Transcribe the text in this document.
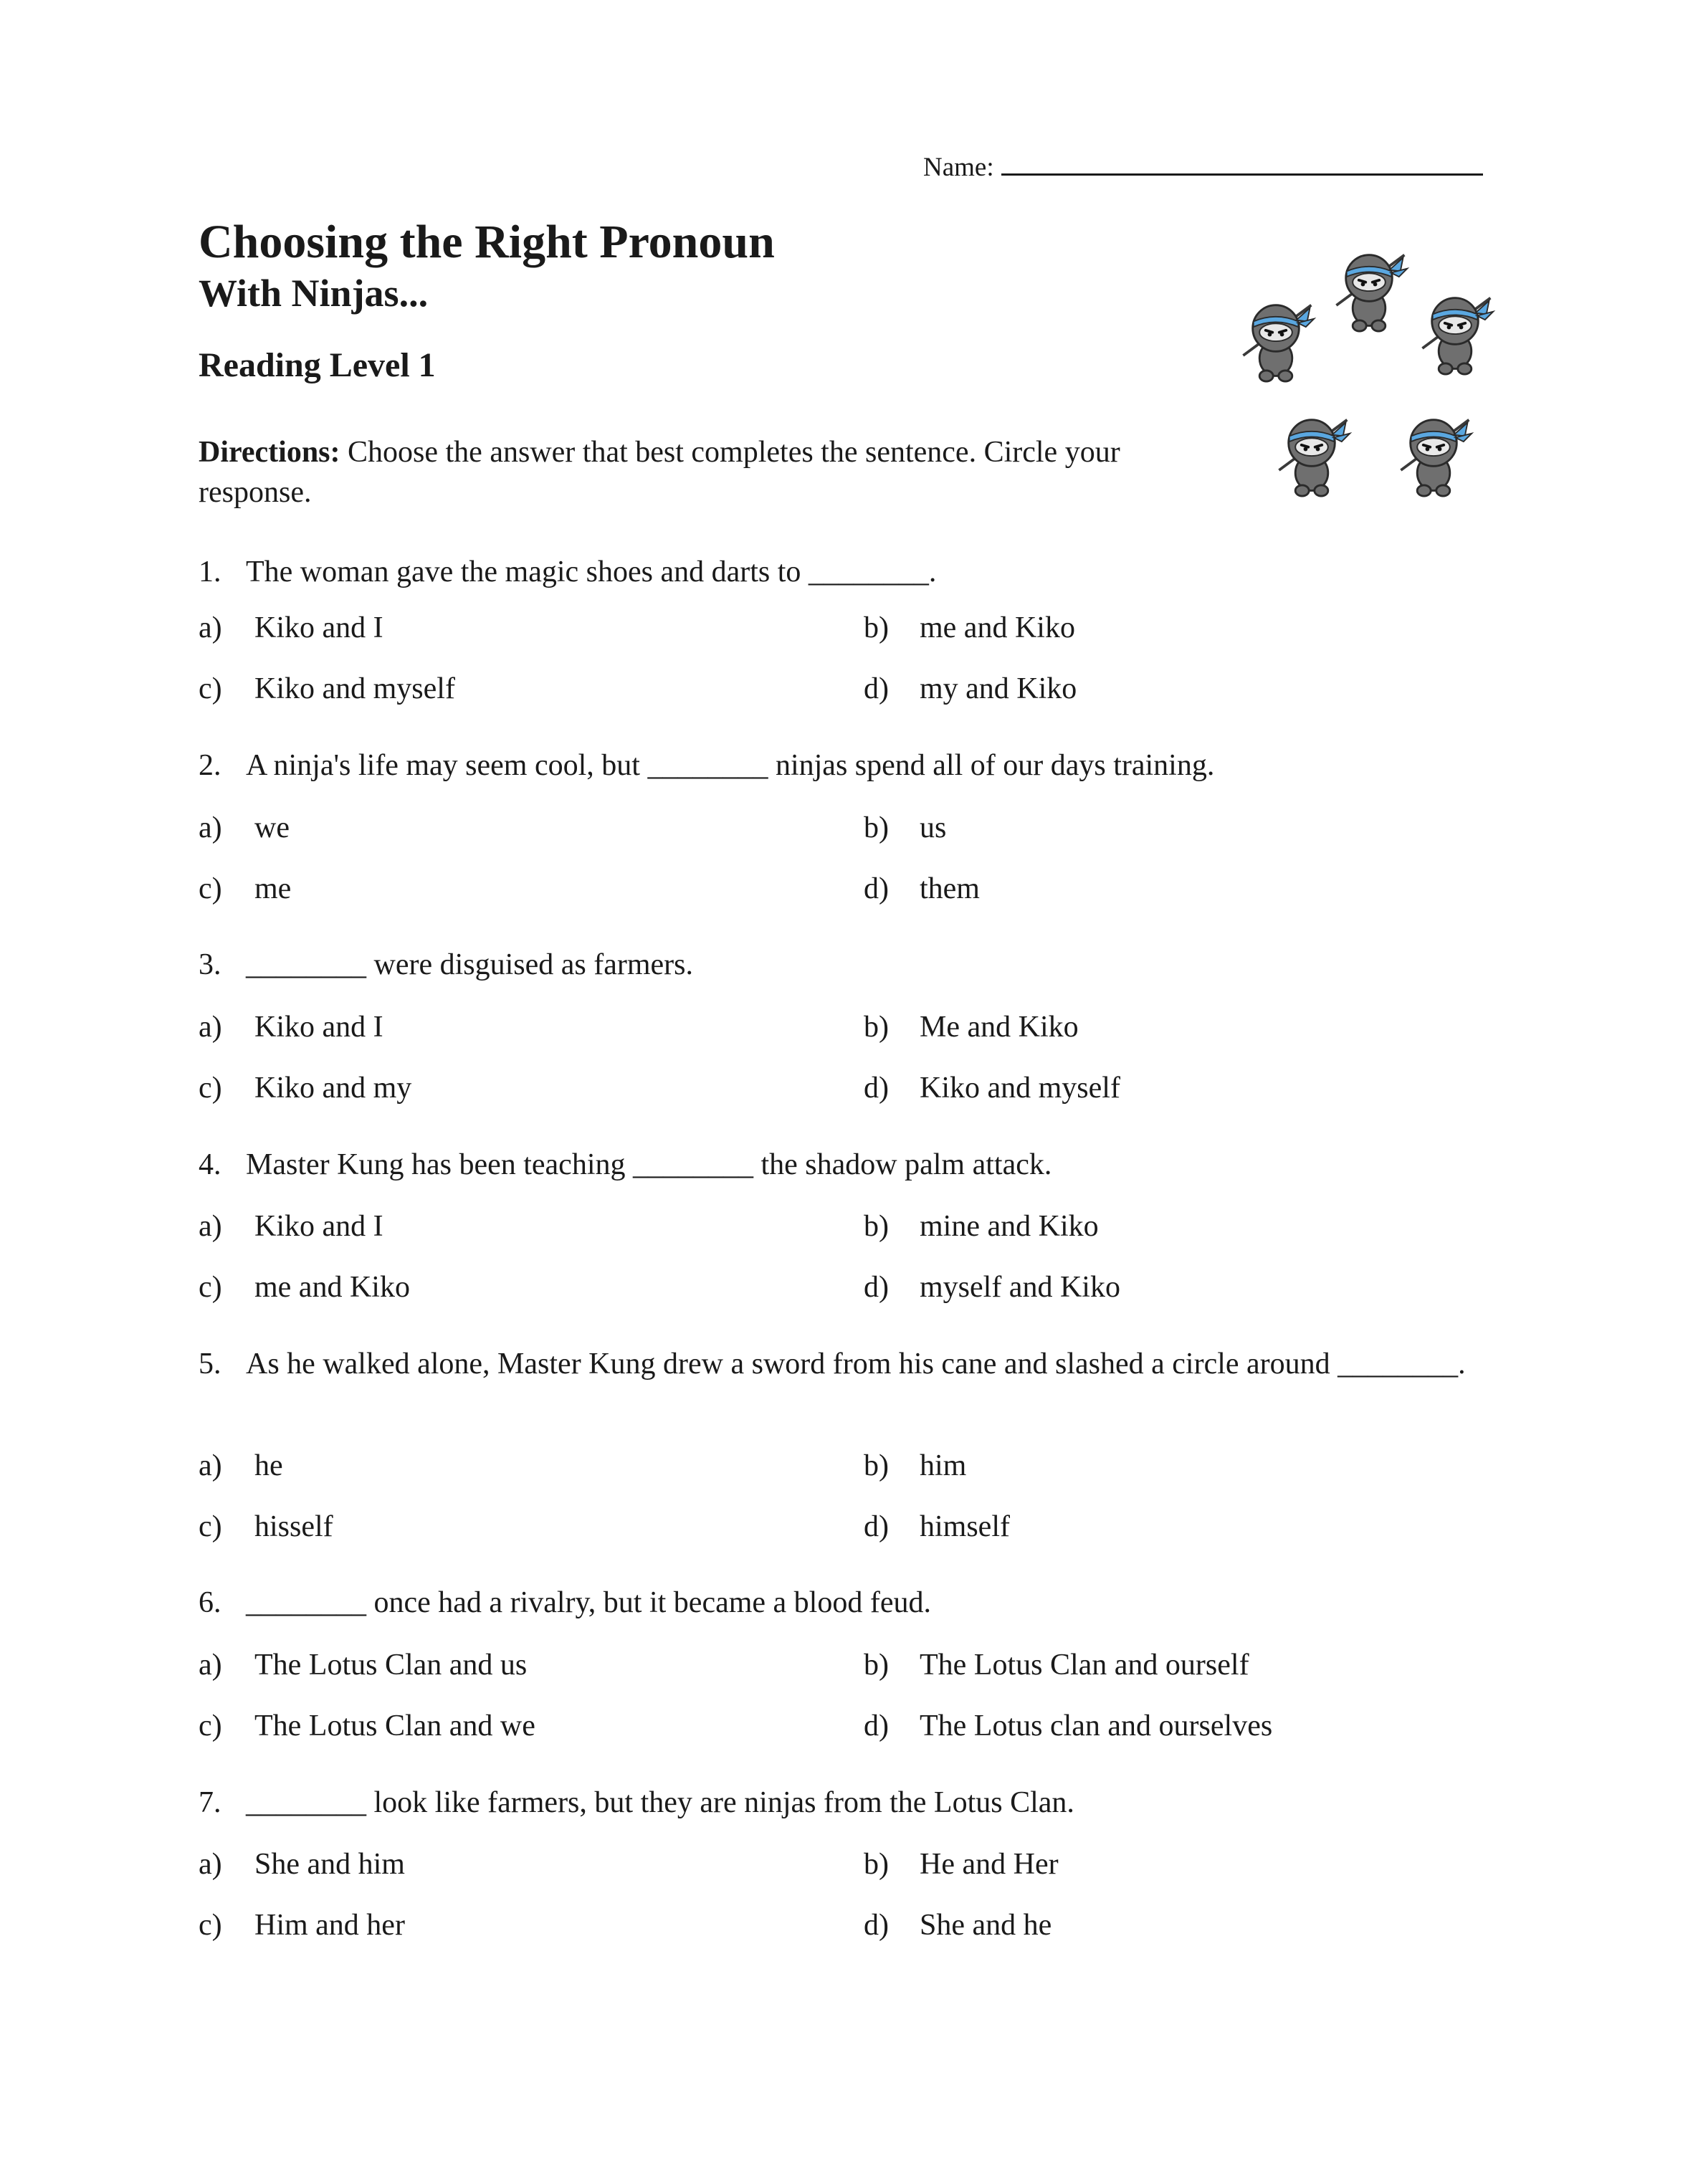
Name:
Choosing the Right Pronoun
With Ninjas...
Reading Level 1

Directions: Choose the answer that best completes the sentence. Circle your response.

1. The woman gave the magic shoes and darts to ________.
a) Kiko and I	b) me and Kiko
c) Kiko and myself	d) my and Kiko
2. A ninja's life may seem cool, but ________ ninjas spend all of our days training.
a) we	b) us
c) me	d) them
3. ________ were disguised as farmers.
a) Kiko and I	b) Me and Kiko
c) Kiko and my	d) Kiko and myself
4. Master Kung has been teaching ________ the shadow palm attack.
a) Kiko and I	b) mine and Kiko
c) me and Kiko	d) myself and Kiko
5. As he walked alone, Master Kung drew a sword from his cane and slashed a circle around ________.
a) he	b) him
c) hisself	d) himself
6. ________ once had a rivalry, but it became a blood feud.
a) The Lotus Clan and us	b) The Lotus Clan and ourself
c) The Lotus Clan and we	d) The Lotus clan and ourselves
7. ________ look like farmers, but they are ninjas from the Lotus Clan.
a) She and him	b) He and Her
c) Him and her	d) She and he
